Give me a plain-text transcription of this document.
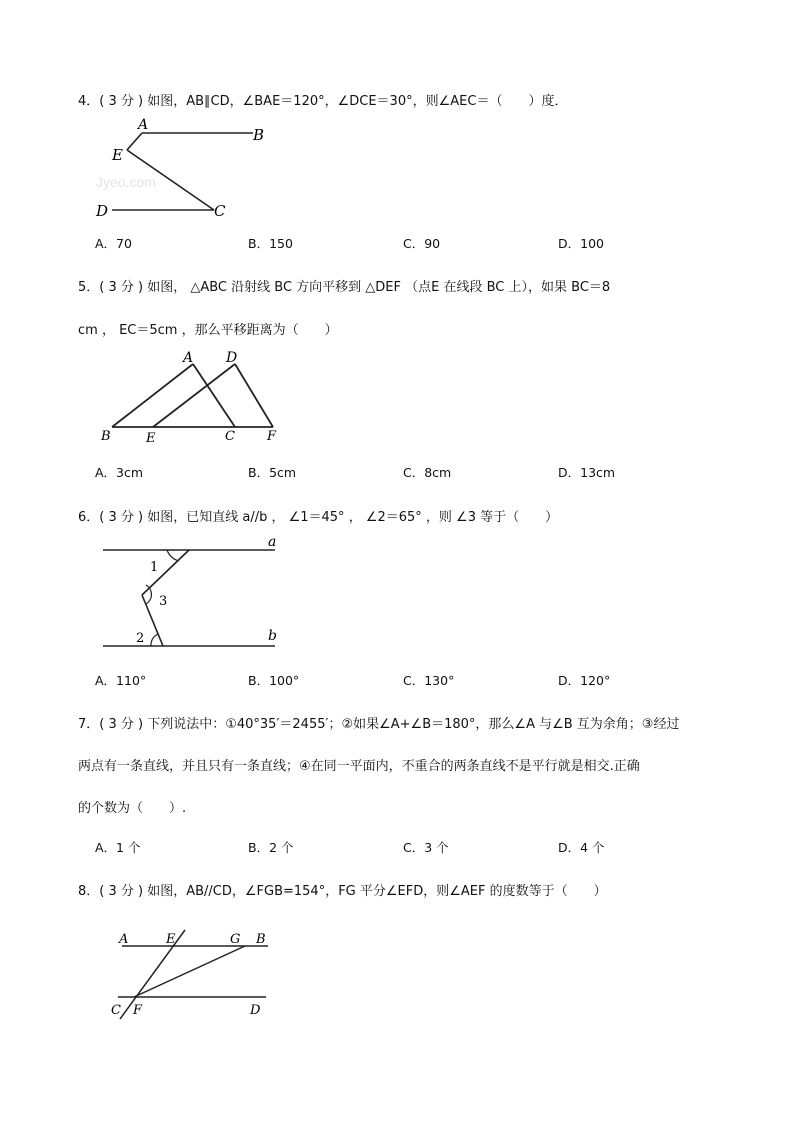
4．( 3 分 ) 如图，AB∥CD，∠BAE＝120°，∠DCE＝30°，则∠AEC＝（　　）度．
Jyeo.com
A
B
E
D	C
A．70	B．150	C．90	D．100
5．( 3 分 ) 如图， △ABC 沿射线 BC 方向平移到 △DEF （点E 在线段 BC 上），如果 BC＝8
cm ， EC＝5cm ，那么平移距离为（　　）
A D
B	E	C F
A．3cm	B．5cm	C．8cm	D．13cm
6．( 3 分 ) 如图，已知直线 a//b ， ∠1＝45° ， ∠2＝65° ，则 ∠3 等于（　　）
a
b
1
3
2
A．110°	B．100°	C．130°	D．120°
7．( 3 分 ) 下列说法中：①40°35′＝2455′；②如果∠A+∠B＝180°，那么∠A 与∠B 互为余角；③经过
两点有一条直线，并且只有一条直线；④在同一平面内，不重合的两条直线不是平行就是相交.正确
的个数为（　　）.
A．1 个	B．2 个	C．3 个	D．4 个
8．( 3 分 ) 如图，AB//CD，∠FGB=154°，FG 平分∠EFD，则∠AEF 的度数等于（　　）
A	E	G B
C F	D
